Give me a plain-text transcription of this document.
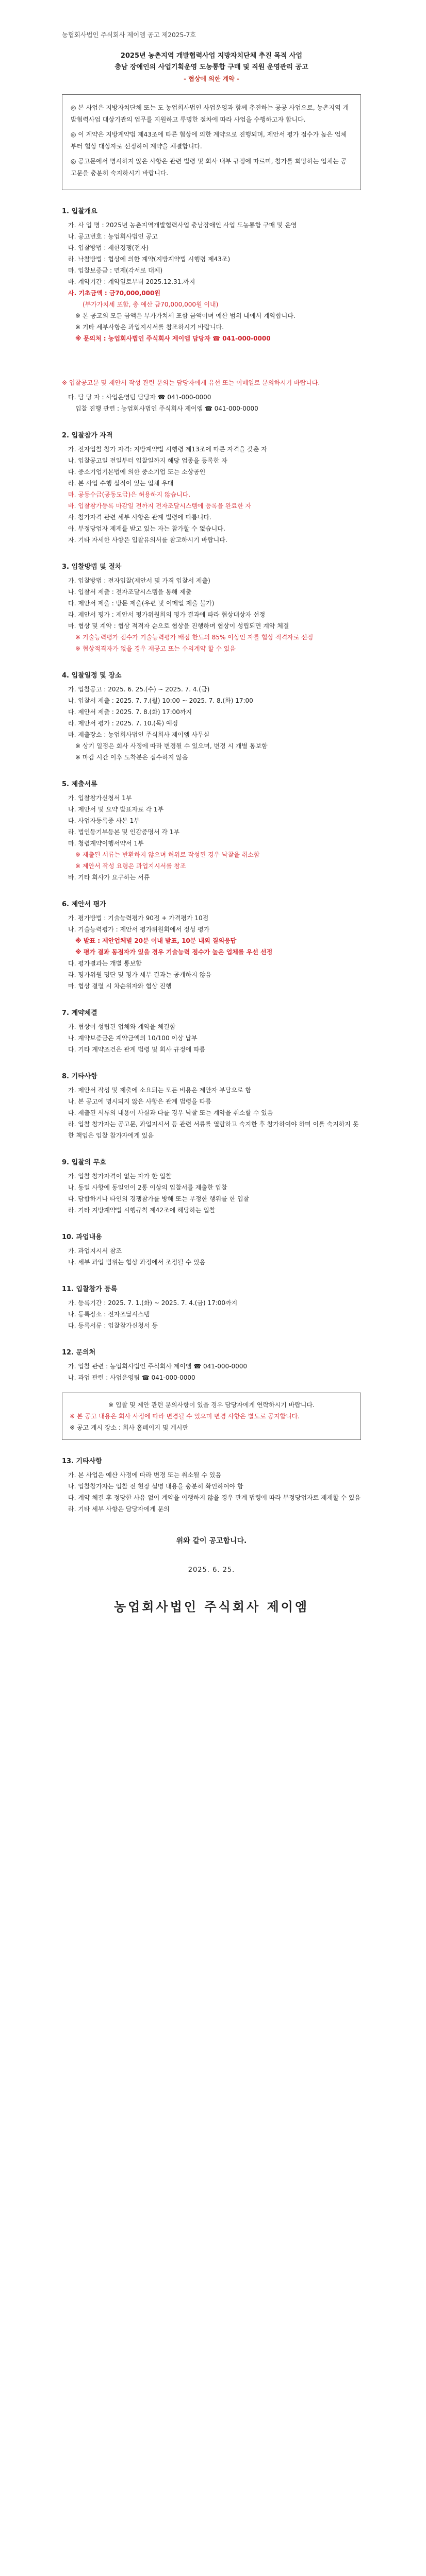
농협회사법인 주식회사 제이엠 공고 제2025-7호
2025년 농촌지역 개발협력사업 지방자치단체 추진 목적 사업
충남 장애인의 사업기획운영 도농통합 구매 및 직원 운영관리 공고
- 협상에 의한 계약 -

◎ 본 사업은 지방자치단체 또는 도 농업회사법인 사업운영과 함께 추진하는 공공 사업으로, 농촌지역 개발협력사업 대상기관의 업무를 지원하고 투명한 절차에 따라 사업을 수행하고자 합니다.

◎ 이 계약은 지방계약법 제43조에 따른 협상에 의한 계약으로 진행되며, 제안서 평가 점수가 높은 업체부터 협상 대상자로 선정하여 계약을 체결합니다.

◎ 공고문에서 명시하지 않은 사항은 관련 법령 및 회사 내부 규정에 따르며, 참가를 희망하는 업체는 공고문을 충분히 숙지하시기 바랍니다.

1. 입찰개요

가. 사 업 명 : 2025년 농촌지역개발협력사업 충남장애인 사업 도농통합 구매 및 운영

나. 공고번호 : 농업회사법인 공고

다. 입찰방법 : 제한경쟁(전자)

라. 낙찰방법 : 협상에 의한 계약(지방계약법 시행령 제43조)

마. 입찰보증금 : 면제(각서로 대체)

바. 계약기간 : 계약일로부터 2025.12.31.까지

사. 기초금액 : 금70,000,000원

(부가가치세 포함, 총 예산 금70,000,000원 이내)

※ 본 공고의 모든 금액은 부가가치세 포함 금액이며 예산 범위 내에서 계약합니다.

※ 기타 세부사항은 과업지시서를 참조하시기 바랍니다.

※ 문의처 : 농업회사법인 주식회사 제이엠 담당자 ☎ 041-000-0000

※ 입찰공고문 및 제안서 작성 관련 문의는 담당자에게 유선 또는 이메일로 문의하시기 바랍니다.

다. 담 당 자 : 사업운영팀 담당자 ☎ 041-000-0000

입찰 진행 관련 : 농업회사법인 주식회사 제이엠 ☎ 041-000-0000

2. 입찰참가 자격

가. 전자입찰 참가 자격: 지방계약법 시행령 제13조에 따른 자격을 갖춘 자

나. 입찰공고일 전일부터 입찰일까지 해당 업종을 등록한 자

다. 중소기업기본법에 의한 중소기업 또는 소상공인

라. 본 사업 수행 실적이 있는 업체 우대

마. 공동수급(공동도급)은 허용하지 않습니다.

바. 입찰참가등록 마감일 전까지 전자조달시스템에 등록을 완료한 자

사. 참가자격 관련 세부 사항은 관계 법령에 따릅니다.

아. 부정당업자 제재를 받고 있는 자는 참가할 수 없습니다.

자. 기타 자세한 사항은 입찰유의서를 참고하시기 바랍니다.

3. 입찰방법 및 절차

가. 입찰방법 : 전자입찰(제안서 및 가격 입찰서 제출)

나. 입찰서 제출 : 전자조달시스템을 통해 제출

다. 제안서 제출 : 방문 제출(우편 및 이메일 제출 불가)

라. 제안서 평가 : 제안서 평가위원회의 평가 결과에 따라 협상대상자 선정

마. 협상 및 계약 : 협상 적격자 순으로 협상을 진행하며 협상이 성립되면 계약 체결

※ 기술능력평가 점수가 기술능력평가 배점 한도의 85% 이상인 자를 협상 적격자로 선정

※ 협상적격자가 없을 경우 재공고 또는 수의계약 할 수 있음

4. 입찰일정 및 장소

가. 입찰공고 : 2025. 6. 25.(수) ~ 2025. 7. 4.(금)

나. 입찰서 제출 : 2025. 7. 7.(월) 10:00 ~ 2025. 7. 8.(화) 17:00

다. 제안서 제출 : 2025. 7. 8.(화) 17:00까지

라. 제안서 평가 : 2025. 7. 10.(목) 예정

마. 제출장소 : 농업회사법인 주식회사 제이엠 사무실

※ 상기 일정은 회사 사정에 따라 변경될 수 있으며, 변경 시 개별 통보함

※ 마감 시간 이후 도착분은 접수하지 않음

5. 제출서류

가. 입찰참가신청서 1부

나. 제안서 및 요약 발표자료 각 1부

다. 사업자등록증 사본 1부

라. 법인등기부등본 및 인감증명서 각 1부

마. 청렴계약이행서약서 1부

※ 제출된 서류는 반환하지 않으며 허위로 작성된 경우 낙찰을 취소함

※ 제안서 작성 요령은 과업지시서를 참조

바. 기타 회사가 요구하는 서류

6. 제안서 평가

가. 평가방법 : 기술능력평가 90점 + 가격평가 10점

나. 기술능력평가 : 제안서 평가위원회에서 정성 평가

※ 발표 : 제안업체별 20분 이내 발표, 10분 내외 질의응답

※ 평가 결과 동점자가 있을 경우 기술능력 점수가 높은 업체를 우선 선정

다. 평가결과는 개별 통보함

라. 평가위원 명단 및 평가 세부 결과는 공개하지 않음

마. 협상 결렬 시 차순위자와 협상 진행

7. 계약체결

가. 협상이 성립된 업체와 계약을 체결함

나. 계약보증금은 계약금액의 10/100 이상 납부

다. 기타 계약조건은 관계 법령 및 회사 규정에 따름

8. 기타사항

가. 제안서 작성 및 제출에 소요되는 모든 비용은 제안자 부담으로 함

나. 본 공고에 명시되지 않은 사항은 관계 법령을 따름

다. 제출된 서류의 내용이 사실과 다를 경우 낙찰 또는 계약을 취소할 수 있음

라. 입찰 참가자는 공고문, 과업지시서 등 관련 서류를 열람하고 숙지한 후 참가하여야 하며 이를 숙지하지 못한 책임은 입찰 참가자에게 있음

9. 입찰의 무효

가. 입찰 참가자격이 없는 자가 한 입찰

나. 동일 사항에 동일인이 2통 이상의 입찰서를 제출한 입찰

다. 담합하거나 타인의 경쟁참가를 방해 또는 부정한 행위를 한 입찰

라. 기타 지방계약법 시행규칙 제42조에 해당하는 입찰

10. 과업내용

가. 과업지시서 참조

나. 세부 과업 범위는 협상 과정에서 조정될 수 있음

11. 입찰참가 등록

가. 등록기간 : 2025. 7. 1.(화) ~ 2025. 7. 4.(금) 17:00까지

나. 등록장소 : 전자조달시스템

다. 등록서류 : 입찰참가신청서 등

12. 문의처

가. 입찰 관련 : 농업회사법인 주식회사 제이엠 ☎ 041-000-0000

나. 과업 관련 : 사업운영팀 ☎ 041-000-0000

※ 입찰 및 제안 관련 문의사항이 있을 경우 담당자에게 연락하시기 바랍니다.

※ 본 공고 내용은 회사 사정에 따라 변경될 수 있으며 변경 사항은 별도로 공지합니다.

※ 공고 게시 장소 : 회사 홈페이지 및 게시판

13. 기타사항

가. 본 사업은 예산 사정에 따라 변경 또는 취소될 수 있음

나. 입찰참가자는 입찰 전 현장 설명 내용을 충분히 확인하여야 함

다. 계약 체결 후 정당한 사유 없이 계약을 이행하지 않을 경우 관계 법령에 따라 부정당업자로 제재할 수 있음

라. 기타 세부 사항은 담당자에게 문의

위와 같이 공고합니다.
2025. 6. 25.
농업회사법인 주식회사 제이엠
